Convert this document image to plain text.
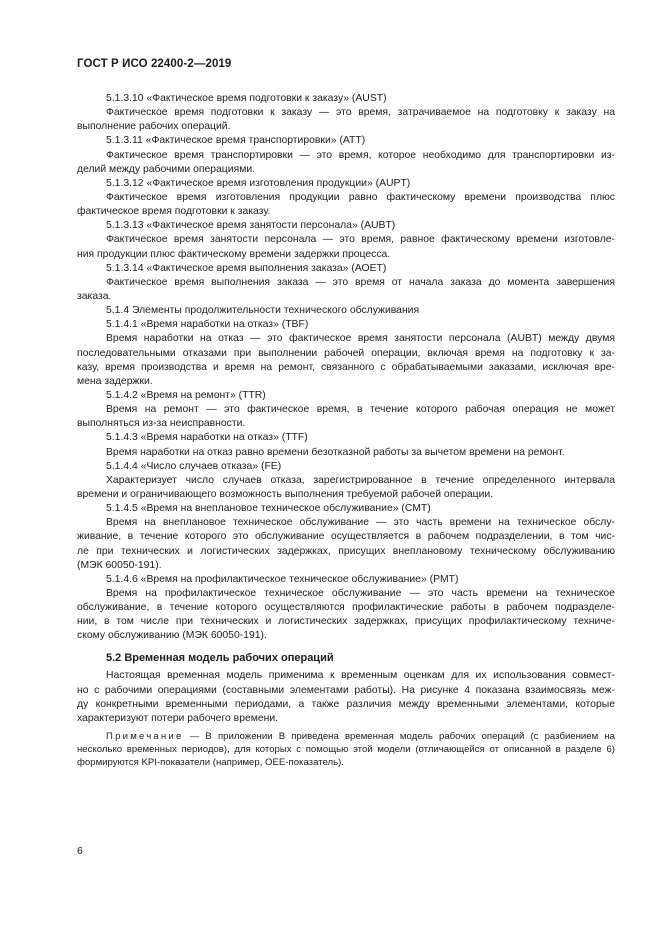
ГОСТ Р ИСО 22400-2—2019
5.1.3.10 «Фактическое время подготовки к заказу» (AUST)
Фактическое время подготовки к заказу — это время, затрачиваемое на подготовку к заказу на
выполнение рабочих операций.
5.1.3.11 «Фактическое время транспортировки» (АТТ)
Фактическое время транспортировки — это время, которое необходимо для транспортировки из-
делий между рабочими операциями.
5.1.3.12 «Фактическое время изготовления продукции» (AUPT)
Фактическое время изготовления продукции равно фактическому времени производства плюс
фактическое время подготовки к заказу.
5.1.3.13 «Фактическое время занятости персонала» (AUBT)
Фактическое время занятости персонала — это время, равное фактическому времени изготовле-
ния продукции плюс фактическому времени задержки процесса.
5.1.3.14 «Фактическое время выполнения заказа» (АОЕТ)
Фактическое время выполнения заказа — это время от начала заказа до момента завершения
заказа.
5.1.4 Элементы продолжительности технического обслуживания
5.1.4.1 «Время наработки на отказ» (TBF)
Время наработки на отказ — это фактическое время занятости персонала (AUBT) между двумя
последовательными отказами при выполнении рабочей операции, включая время на подготовку к за-
казу, время производства и время на ремонт, связанного с обрабатываемыми заказами, исключая вре-
мена задержки.
5.1.4.2 «Время на ремонт» (TTR)
Время на ремонт — это фактическое время, в течение которого рабочая операция не может
выполняться из-за неисправности.
5.1.4.3 «Время наработки на отказ» (TTF)
Время наработки на отказ равно времени безотказной работы за вычетом времени на ремонт.
5.1.4.4 «Число случаев отказа» (FE)
Характеризует число случаев отказа, зарегистрированное в течение определенного интервала
времени и ограничивающего возможность выполнения требуемой рабочей операции.
5.1.4.5 «Время на внеплановое техническое обслуживание» (СМТ)
Время на внеплановое техническое обслуживание — это часть времени на техническое обслу-
живание, в течение которого это обслуживание осуществляется в рабочем подразделении, в том чис-
ле при технических и логистических задержках, присущих внеплановому техническому обслуживанию
(МЭК 60050-191).
5.1.4.6 «Время на профилактическое техническое обслуживание» (PMT)
Время на профилактическое техническое обслуживание — это часть времени на техническое
обслуживание, в течение которого осуществляются профилактические работы в рабочем подразделе-
нии, в том числе при технических и логистических задержках, присущих профилактическому техниче-
скому обслуживанию (МЭК 60050-191).
5.2 Временная модель рабочих операций
Настоящая временная модель применима к временным оценкам для их использования совмест-
но с рабочими операциями (составными элементами работы). На рисунке 4 показана взаимосвязь меж-
ду конкретными временными периодами, а также различия между временными элементами, которые
характеризуют потери рабочего времени.
Примечание — В приложении В приведена временная модель рабочих операций (с разбиением на
несколько временных периодов), для которых с помощью этой модели (отличающейся от описанной в разделе 6)
формируются KPI-показатели (например, OEE-показатель).
6
